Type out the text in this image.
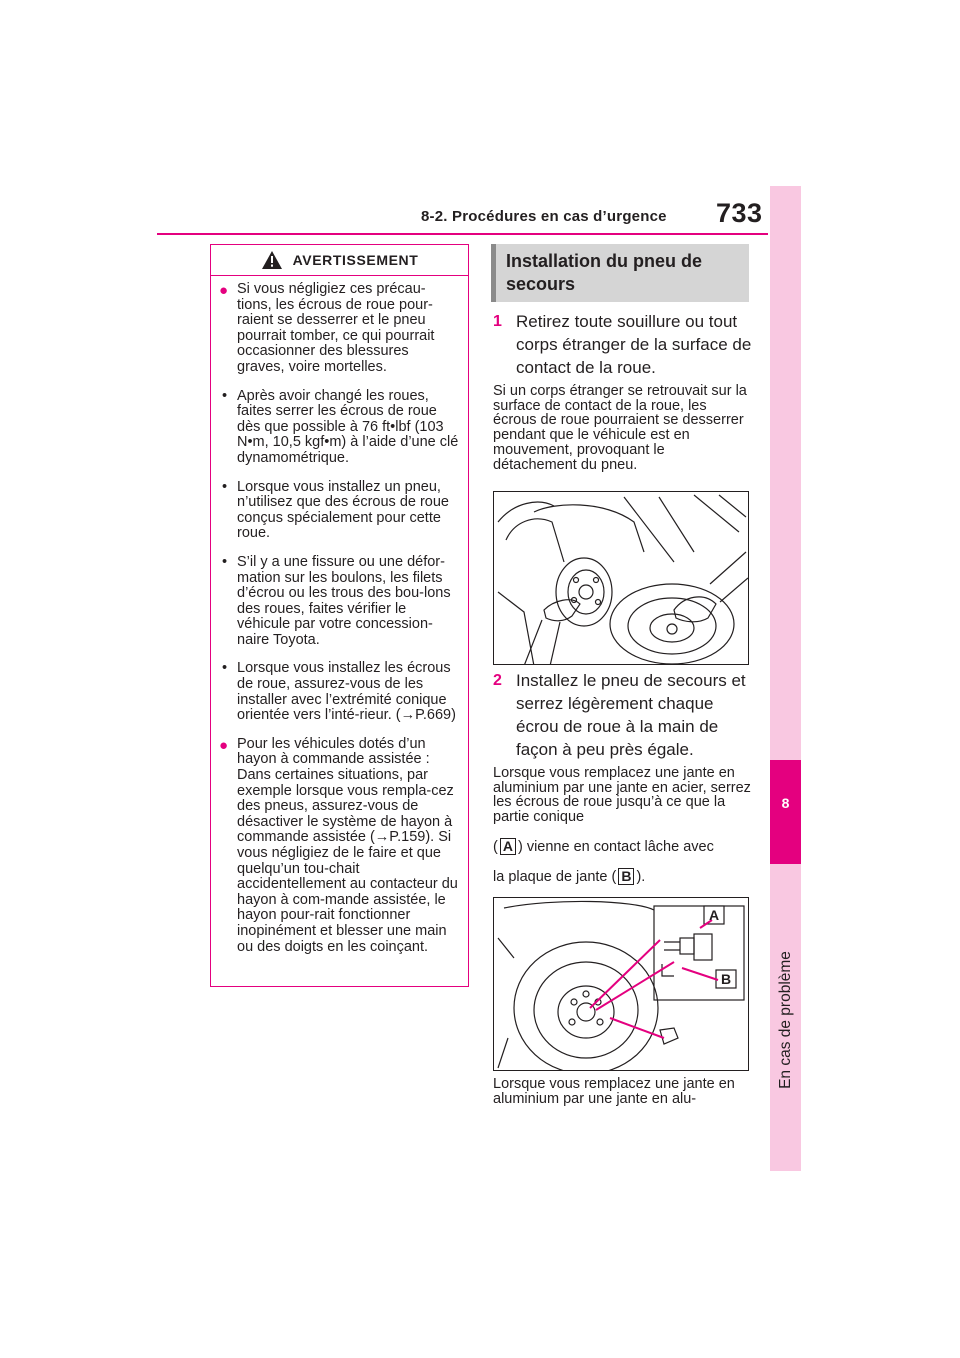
8-2. Procédures en cas d’urgence 733
8
En cas de problème
AVERTISSEMENT
● Si vous négligiez ces précau-tions, les écrous de roue pour-raient se desserrer et le pneu pourrait tomber, ce qui pourrait occasionner des blessures graves, voire mortelles.
• Après avoir changé les roues, faites serrer les écrous de roue dès que possible à 76 ft•lbf (103 N•m, 10,5 kgf•m) à l’aide d’une clé dynamométrique.
• Lorsque vous installez un pneu, n’utilisez que des écrous de roue conçus spécialement pour cette roue.
• S’il y a une fissure ou une défor-mation sur les boulons, les filets d’écrou ou les trous des bou-lons des roues, faites vérifier le véhicule par votre concession-naire Toyota.
• Lorsque vous installez les écrous de roue, assurez-vous de les installer avec l’extrémité conique orientée vers l’inté-rieur. (→P.669)
● Pour les véhicules dotés d’un hayon à commande assistée : Dans certaines situations, par exemple lorsque vous rempla-cez des pneus, assurez-vous de désactiver le système de hayon à commande assistée (→P.159). Si vous négligiez de le faire et que quelqu’un tou-chait accidentellement au contacteur du hayon à com-mande assistée, le hayon pour-rait fonctionner inopinément et blesser une main ou des doigts en les coinçant.
Installation du pneu de secours
1 Retirez toute souillure ou tout corps étranger de la surface de contact de la roue.
Si un corps étranger se retrouvait sur la surface de contact de la roue, les écrous de roue pourraient se desserrer pendant que le véhicule est en mouvement, provoquant le détachement du pneu.
2 Installez le pneu de secours et serrez légèrement chaque écrou de roue à la main de façon à peu près égale.
Lorsque vous remplacez une jante en aluminium par une jante en acier, serrez les écrous de roue jusqu’à ce que la partie conique
( A ) vienne en contact lâche avec
la plaque de jante ( B ).
A
B
Lorsque vous remplacez une jante en aluminium par une jante en alu-
